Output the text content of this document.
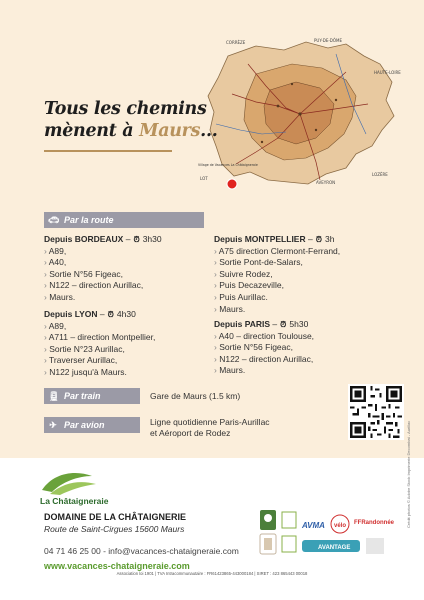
CORRÈZE	PUY-DE-DÔME
HAUTE-LOIRE
LOT
AVEYRON
LOZÈRE
Village de Vacances La Châtaigneraie
Tous les chemins
mènent à Maurs...
🚗︎ Par la route
Depuis BORDEAUX – ⏰︎ 3h30
› A89,
› A40,
› Sortie N°56 Figeac,
› N122 – direction Aurillac,
› Maurs.
Depuis LYON – ⏰︎ 4h30
› A89,
› A711 – direction Montpellier,
› Sortie N°23 Aurillac,
› Traverser Aurillac,
› N122 jusqu'à Maurs.
Depuis MONTPELLIER – ⏰︎ 3h
› A75 direction Clermont-Ferrand,
› Sortie Pont-de-Salars,
› Suivre Rodez,
› Puis Decazeville,
› Puis Aurillac.
› Maurs.
Depuis PARIS – ⏰︎ 5h30
› A40 – direction Toulouse,
› Sortie N°56 Figeac,
› N122 – direction Aurillac,
› Maurs.
🚆︎ Par train	Gare de Maurs (1.5 km)
✈︎ Par avion	Ligne quotidienne Paris-Aurillac
et Aéroport de Rodez
La Châtaigneraie
DOMAINE DE LA CHÂTAIGNERIE
Route de Saint-Cirgues 15600 Maurs
04 71 46 25 00 - info@vacances-chataigneraie.com
www.vacances-chataigneraie.com
AVMA vélo FFRandonnée
AVANTAGE
Crédit photos © Adobe Stock Imprimerie Decombat - Aurillac
Association loi 1901 | TVA Intracommunautaire : FR61423865-443000184 | SIRET : 423 865443 00018
